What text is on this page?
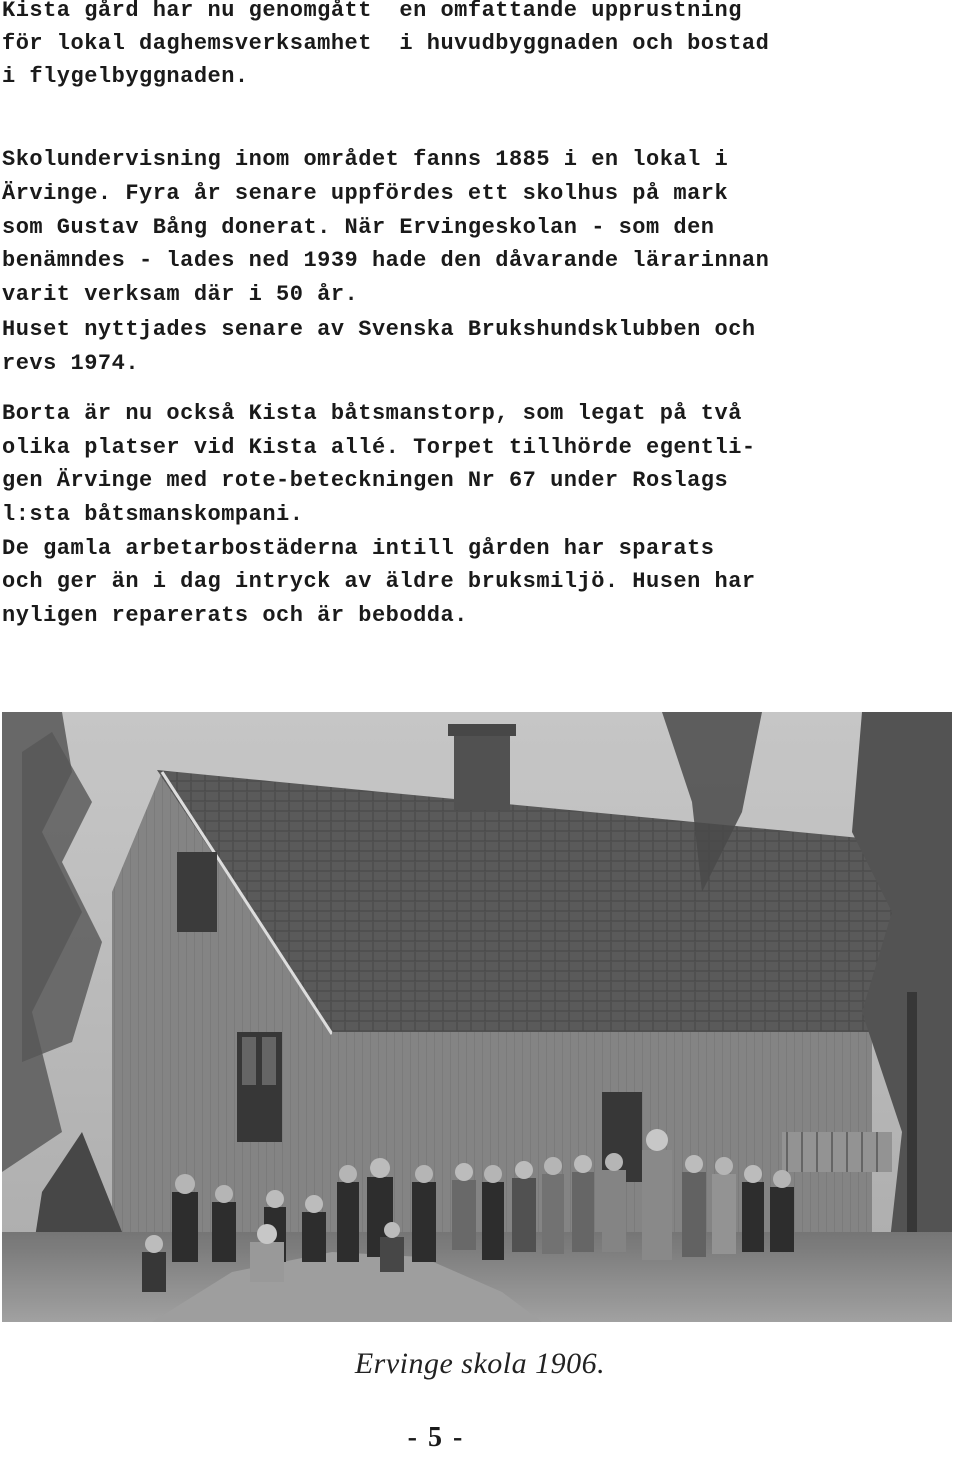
Kista gård har nu genomgått  en omfattande upprustning
för lokal daghemsverksamhet  i huvudbyggnaden och bostad
i flygelbyggnaden.
Skolundervisning inom området fanns 1885 i en lokal i
Ärvinge. Fyra år senare uppfördes ett skolhus på mark
som Gustav Bång donerat. När Ervingeskolan - som den
benämndes - lades ned 1939 hade den dåvarande lärarinnan
varit verksam där i 50 år.
Huset nyttjades senare av Svenska Brukshundsklubben och
revs 1974.
Borta är nu också Kista båtsmanstorp, som legat på två
olika platser vid Kista allé. Torpet tillhörde egentli-
gen Ärvinge med rote-beteckningen Nr 67 under Roslags
l:sta båtsmanskompani.
De gamla arbetarbostäderna intill gården har sparats
och ger än i dag intryck av äldre bruksmiljö. Husen har
nyligen reparerats och är bebodda.
Ervinge skola 1906.
- 5 -
